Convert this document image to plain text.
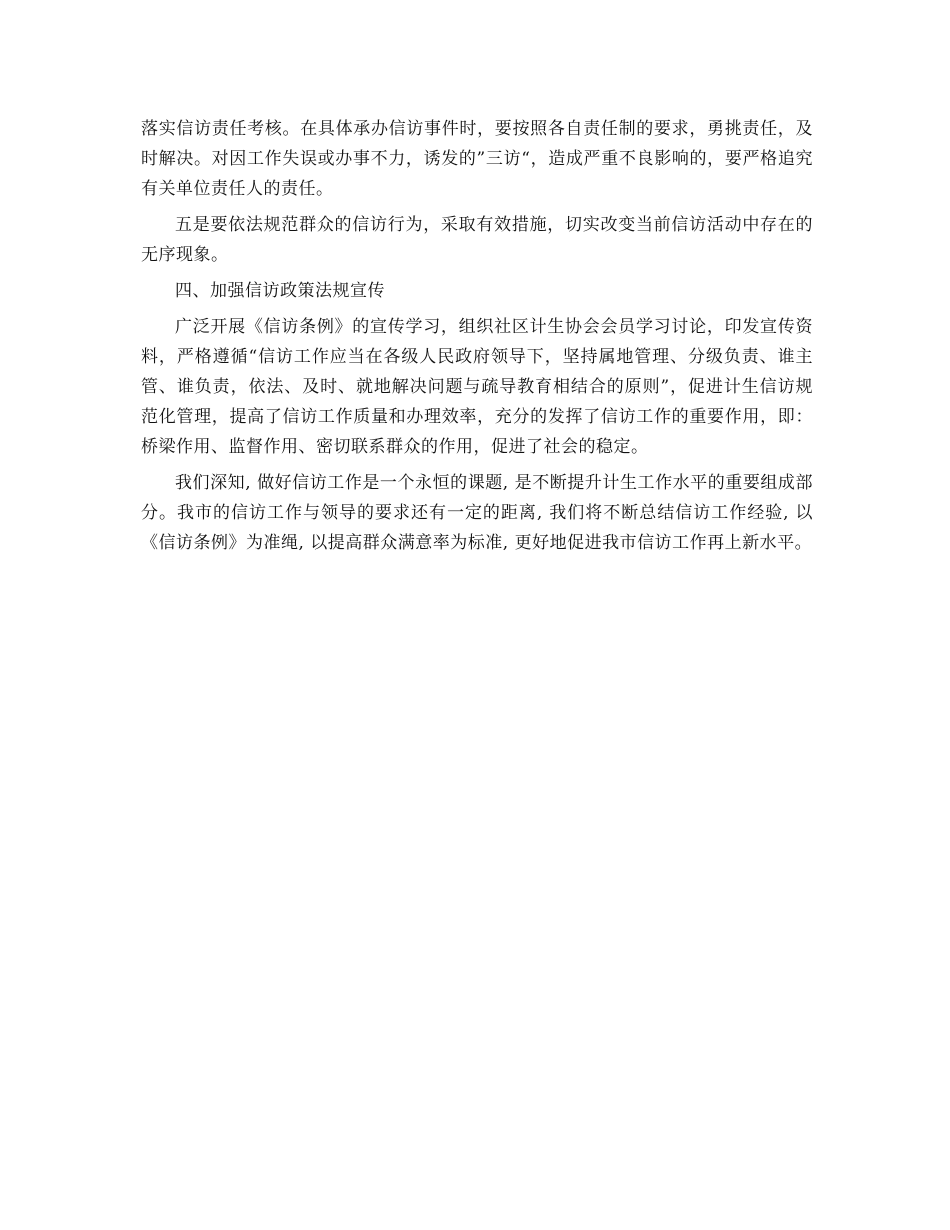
落实信访责任考核。在具体承办信访事件时，要按照各自责任制的要求，勇挑责任，及时解决。对因工作失误或办事不力，诱发的”三访“，造成严重不良影响的，要严格追究有关单位责任人的责任。

五是要依法规范群众的信访行为，采取有效措施，切实改变当前信访活动中存在的无序现象。

四、加强信访政策法规宣传

广泛开展《信访条例》的宣传学习，组织社区计生协会会员学习讨论，印发宣传资料，严格遵循“信访工作应当在各级人民政府领导下，坚持属地管理、分级负责、谁主管、谁负责，依法、及时、就地解决问题与疏导教育相结合的原则”，促进计生信访规范化管理，提高了信访工作质量和办理效率，充分的发挥了信访工作的重要作用，即：桥梁作用、监督作用、密切联系群众的作用，促进了社会的稳定。

我们深知, 做好信访工作是一个永恒的课题, 是不断提升计生工作水平的重要组成部分。我市的信访工作与领导的要求还有一定的距离, 我们将不断总结信访工作经验, 以《信访条例》为准绳, 以提高群众满意率为标准, 更好地促进我市信访工作再上新水平。
